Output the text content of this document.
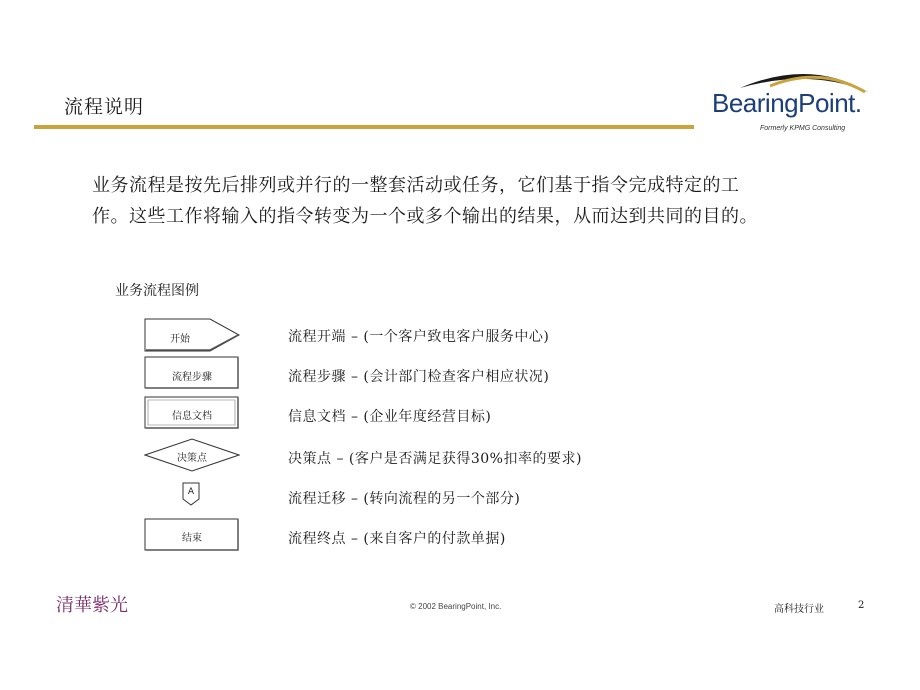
流程说明	BearingPoint.
Formerly KPMG Consulting
业务流程是按先后排列或并行的一整套活动或任务，它们基于指令完成特定的工作。这些工作将输入的指令转变为一个或多个输出的结果，从而达到共同的目的。
业务流程图例
开始	流程开端 – (一个客户致电客户服务中心)
流程步骤	流程步骤 – (会计部门检查客户相应状况)
信息文档	信息文档 – (企业年度经营目标)
决策点	决策点 – (客户是否满足获得30%扣率的要求)
A	流程迁移 – (转向流程的另一个部分)
结束	流程终点 – (来自客户的付款单据)
清華紫光	© 2002 BearingPoint, Inc.	高科技行业	2
